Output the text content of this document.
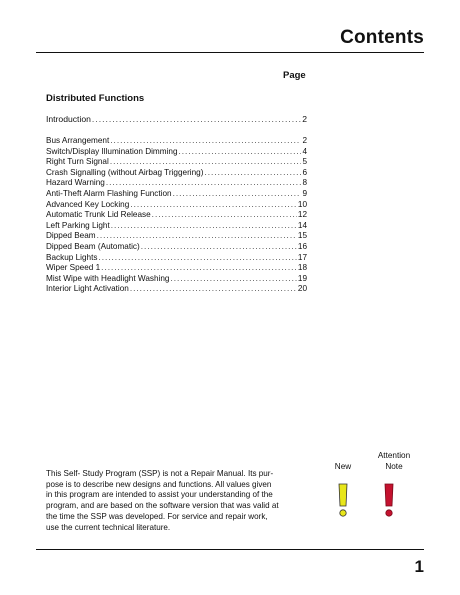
Contents
Page
Distributed Functions
Introduction .....	2
Bus Arrangement .....	2
Switch/Display Illumination Dimming .....	4
Right Turn Signal .....	5
Crash Signalling (without Airbag Triggering) .....	6
Hazard Warning .....	8
Anti-Theft Alarm Flashing Function .....	9
Advanced Key Locking .....	10
Automatic Trunk Lid Release .....	12
Left Parking Light .....	14
Dipped Beam .....	15
Dipped Beam (Automatic) .....	16
Backup Lights .....	17
Wiper Speed 1 .....	18
Mist Wipe with Headlight Washing .....	19
Interior Light Activation .....	20
This Self- Study Program (SSP) is not a Repair Manual. Its pur-
pose is to describe new designs and functions. All values given
in this program are intended to assist your understanding of the
program, and are based on the software version that was valid at
the time the SSP was developed. For service and repair work,
use the current technical literature.
New
Attention
Note
1
